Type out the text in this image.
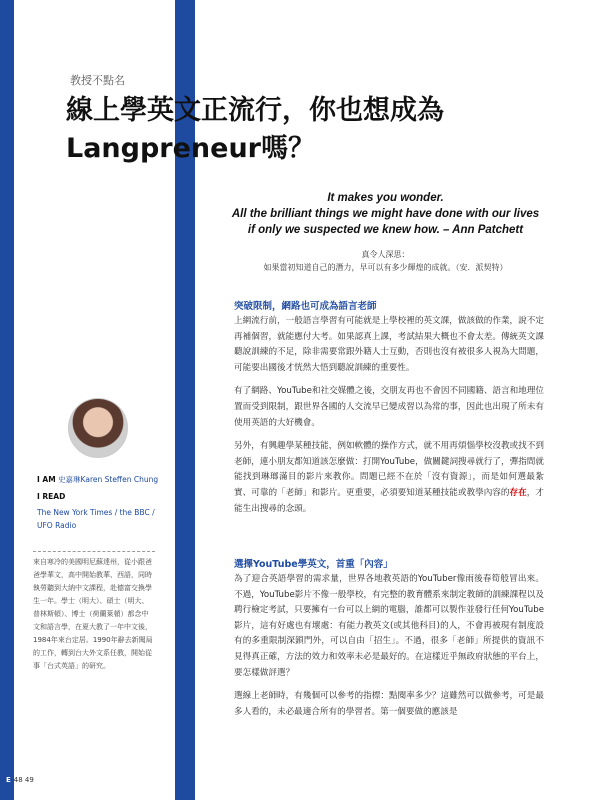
教授不點名
線上學英文正流行，你也想成為
Langpreneur嗎？
It makes you wonder.
All the brilliant things we might have done with our lives
if only we suspected we knew how. – Ann Patchett
真令人深思：
如果當初知道自己的潛力，早可以有多少輝煌的成就。（安．派契特）
突破限制，網路也可成為語言老師

上網流行前，一般語言學習有可能就是上學校裡的英文課，做該做的作業，說不定再補個習，就能應付大考。如果認真上課，考試結果大概也不會太差。傳統英文課聽說訓練的不足，除非需要常跟外籍人士互動，否則也沒有被很多人視為大問題，可能要出國後才恍然大悟到聽說訓練的重要性。

有了網路、YouTube和社交媒體之後，交朋友再也不會因不同國籍、語言和地理位置而受到限制，跟世界各國的人交流早已變成習以為常的事，因此也出現了所未有使用英語的大好機會。

另外，有興趣學某種技能，例如軟體的操作方式，就不用再煩惱學校沒教或找不到老師，連小朋友都知道該怎麼做：打開YouTube，做關鍵詞搜尋就行了，彈指間就能找到琳瑯滿目的影片來教你。問題已經不在於「沒有資源」，而是如何選最紮實、可靠的「老師」和影片。更重要，必須要知道某種技能或教學內容的存在，才能生出搜尋的念頭。

選擇YouTube學英文，首重「內容」

為了迎合英語學習的需求量，世界各地教英語的YouTuber像雨後春筍般冒出來。不過，YouTube影片不像一般學校，有完整的教育體系來制定教師的訓練課程以及聘行檢定考試，只要擁有一台可以上網的電腦，誰都可以製作並發行任何YouTube影片，這有好處也有壞處：有能力教英文(或其他科目)的人，不會再被現有制度設有的多重限制深鎖門外，可以自由「招生」。不過，很多「老師」所提供的資訊不見得真正確，方法的效力和效率未必是最好的。在這樣近乎無政府狀態的平台上，要怎樣做評選？

選線上老師時，有幾個可以參考的指標：點閱率多少？這雖然可以做參考，可是最多人看的，未必最適合所有的學習者。第一個要做的應該是

I AM 史嘉琳Karen Steffen Chung
I READ
The New York Times / the BBC /
UFO Radio
來自寒冷的美國明尼蘇達州，從小跟爸爸學華文，高中開始教華、西語，同時執勞聽到大納中文課程，赴德富交換學生一年。學士（明大）、碩士（明大、普林斯頓）、博士（荷蘭萊頓）都念中文和語言學，在夏大教了一年中文後，1984年來台定居。1990年辭去新聞局的工作，轉到台大外文系任教，開始從事「台式英語」的研究。
E 48 49
